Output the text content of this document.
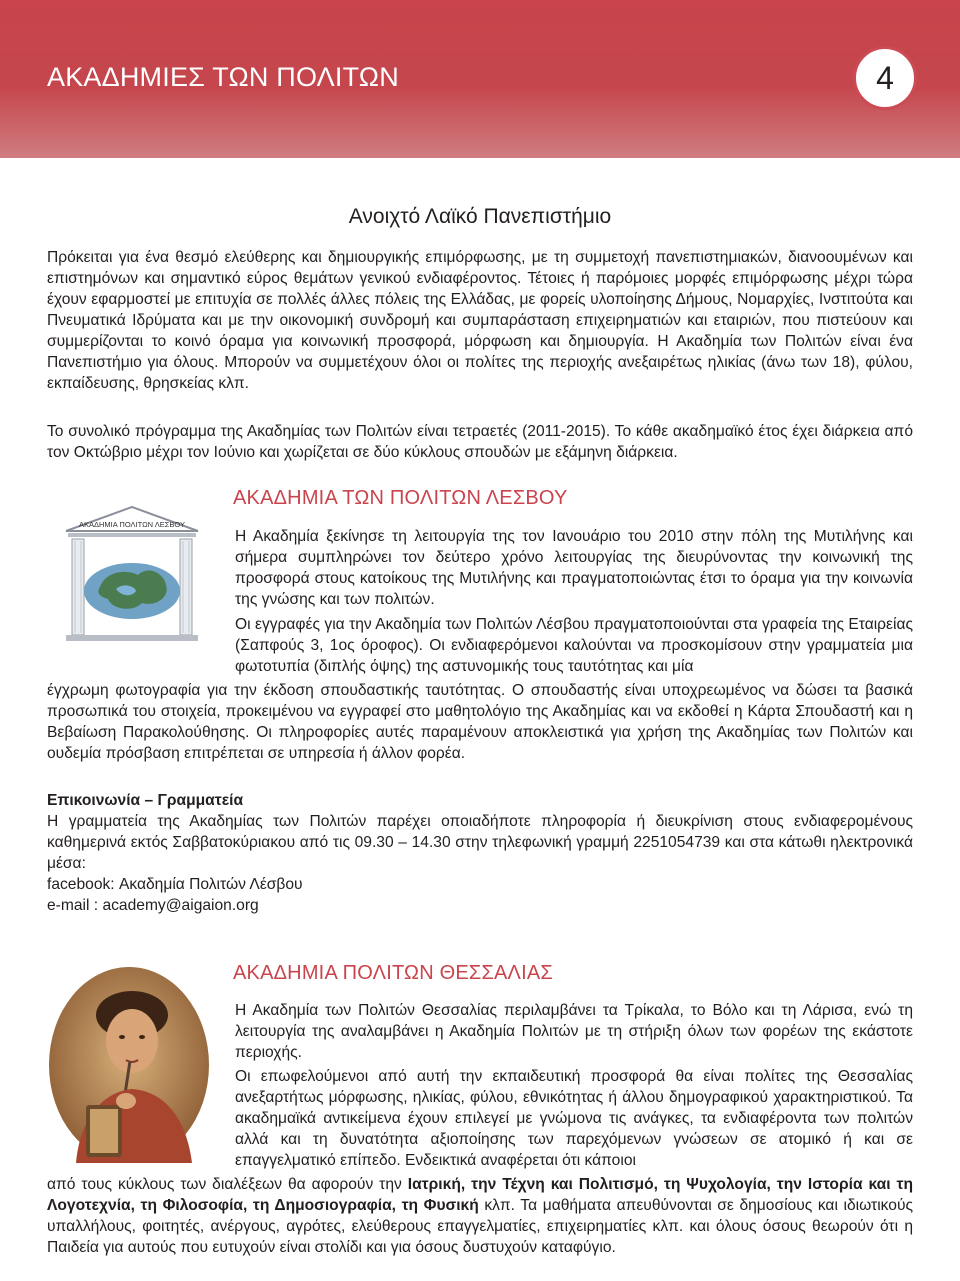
ΑΚΑΔΗΜΙΕΣ ΤΩΝ ΠΟΛΙΤΩΝ	4
Ανοιχτό Λαϊκό Πανεπιστήμιο

Πρόκειται για ένα θεσμό ελεύθερης και δημιουργικής επιμόρφωσης, με τη συμμετοχή πανεπιστημιακών, διανοουμένων και επιστημόνων και σημαντικό εύρος θεμάτων γενικού ενδιαφέροντος. Τέτοιες ή παρόμοιες μορφές επιμόρφωσης μέχρι τώρα έχουν εφαρμοστεί με επιτυχία σε πολλές άλλες πόλεις της Ελλάδας, με φορείς υλοποίησης Δήμους, Νομαρχίες, Ινστιτούτα και Πνευματικά Ιδρύματα και με την οικονομική συνδρομή και συμπαράσταση επιχειρηματιών και εταιριών, που πιστεύουν και συμμερίζονται το κοινό όραμα για κοινωνική προσφορά, μόρφωση και δημιουργία. Η Ακαδημία των Πολιτών είναι ένα Πανεπιστήμιο για όλους. Μπορούν να συμμετέχουν όλοι οι πολίτες της περιοχής ανεξαιρέτως ηλικίας (άνω των 18), φύλου, εκπαίδευσης, θρησκείας κλπ.

Το συνολικό πρόγραμμα της Ακαδημίας των Πολιτών είναι τετραετές (2011-2015). Το κάθε ακαδημαϊκό έτος έχει διάρκεια από τον Οκτώβριο μέχρι τον Ιούνιο και χωρίζεται σε δύο κύκλους σπουδών με εξάμηνη διάρκεια.

ΑΚΑΔΗΜΙΑ ΤΩΝ ΠΟΛΙΤΩΝ ΛΕΣΒΟΥ
ΑΚΑΔΗΜΙΑ ΠΟΛΙΤΩΝ ΛΕΣΒΟΥ

Η Ακαδημία ξεκίνησε τη λειτουργία της τον Ιανουάριο του 2010 στην πόλη της Μυτιλήνης και σήμερα συμπληρώνει τον δεύτερο χρόνο λειτουργίας της διευρύνοντας την κοινωνική της προσφορά στους κατοίκους της Μυτιλήνης και πραγματοποιώντας έτσι το όραμα για την κοινωνία της γνώσης και των πολιτών.

Οι εγγραφές για την Ακαδημία των Πολιτών Λέσβου πραγματοποιούνται στα γραφεία της Εταιρείας (Σαπφούς 3, 1ος όροφος). Οι ενδιαφερόμενοι καλούνται να προσκομίσουν στην γραμματεία μια φωτοτυπία (διπλής όψης) της αστυνομικής τους ταυτότητας και μία

έγχρωμη φωτογραφία για την έκδοση σπουδαστικής ταυτότητας. Ο σπουδαστής είναι υποχρεωμένος να δώσει τα βασικά προσωπικά του στοιχεία, προκειμένου να εγγραφεί στο μαθητολόγιο της Ακαδημίας και να εκδοθεί η Κάρτα Σπουδαστή και η Βεβαίωση Παρακολούθησης. Οι πληροφορίες αυτές παραμένουν αποκλειστικά για χρήση της Ακαδημίας των Πολιτών και ουδεμία πρόσβαση επιτρέπεται σε υπηρεσία ή άλλον φορέα.

Επικοινωνία – Γραμματεία

Η γραμματεία της Ακαδημίας των Πολιτών παρέχει οποιαδήποτε πληροφορία ή διευκρίνιση στους ενδιαφερομένους καθημερινά εκτός Σαββατοκύριακου από τις 09.30 – 14.30 στην τηλεφωνική γραμμή 2251054739 και στα κάτωθι ηλεκτρονικά μέσα:

facebook: Ακαδημία Πολιτών Λέσβου
e-mail : academy@aigaion.org
ΑΚΑΔΗΜΙΑ ΠΟΛΙΤΩΝ ΘΕΣΣΑΛΙΑΣ

Η Ακαδημία των Πολιτών Θεσσαλίας περιλαμβάνει τα Τρίκαλα, το Βόλο και τη Λάρισα, ενώ τη λειτουργία της αναλαμβάνει η Ακαδημία Πολιτών με τη στήριξη όλων των φορέων της εκάστοτε περιοχής.

Οι επωφελούμενοι από αυτή την εκπαιδευτική προσφορά θα είναι πολίτες της Θεσσαλίας ανεξαρτήτως μόρφωσης, ηλικίας, φύλου, εθνικότητας ή άλλου δημογραφικού χαρακτηριστικού. Τα ακαδημαϊκά αντικείμενα έχουν επιλεγεί με γνώμονα τις ανάγκες, τα ενδιαφέροντα των πολιτών αλλά και τη δυνατότητα αξιοποίησης των παρεχόμενων γνώσεων σε ατομικό ή και σε επαγγελματικό επίπεδο. Ενδεικτικά αναφέρεται ότι κάποιοι

από τους κύκλους των διαλέξεων θα αφορούν την Ιατρική, την Τέχνη και Πολιτισμό, τη Ψυχολογία, την Ιστορία και τη Λογοτεχνία, τη Φιλοσοφία, τη Δημοσιογραφία, τη Φυσική κλπ. Τα μαθήματα απευθύνονται σε δημοσίους και ιδιωτικούς υπαλλήλους, φοιτητές, ανέργους, αγρότες, ελεύθερους επαγγελματίες, επιχειρηματίες κλπ. και όλους όσους θεωρούν ότι η Παιδεία για αυτούς που ευτυχούν είναι στολίδι και για όσους δυστυχούν καταφύγιο.
